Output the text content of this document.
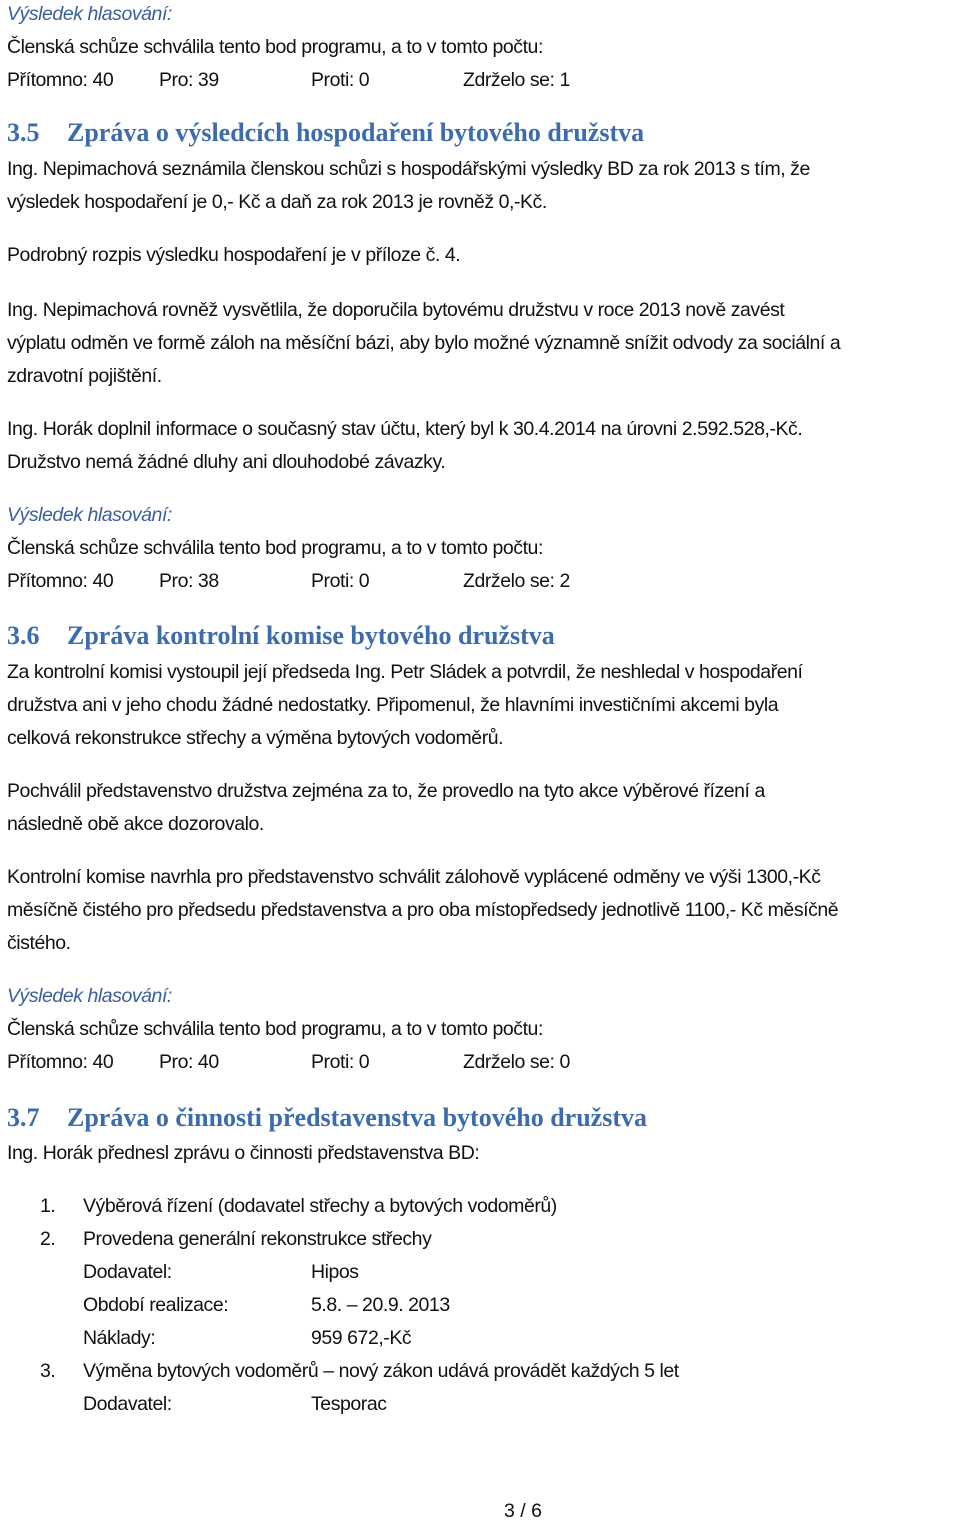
Výsledek hlasování:
Členská schůze schválila tento bod programu, a to v tomto počtu:
Přítomno: 40 Pro: 39	Proti: 0	Zdrželo se: 1
3.5 Zpráva o výsledcích hospodaření bytového družstva
Ing. Nepimachová seznámila členskou schůzi s hospodářskými výsledky BD za rok 2013 s tím, že
výsledek hospodaření je 0,- Kč a daň za rok 2013 je rovněž 0,-Kč.
Podrobný rozpis výsledku hospodaření je v příloze č. 4.
Ing. Nepimachová rovněž vysvětlila, že doporučila bytovému družstvu v roce 2013 nově zavést
výplatu odměn ve formě záloh na měsíční bázi, aby bylo možné významně snížit odvody za sociální a
zdravotní pojištění.
Ing. Horák doplnil informace o současný stav účtu, který byl k 30.4.2014 na úrovni 2.592.528,-Kč.
Družstvo nemá žádné dluhy ani dlouhodobé závazky.
Výsledek hlasování:
Členská schůze schválila tento bod programu, a to v tomto počtu:
Přítomno: 40 Pro: 38	Proti: 0	Zdrželo se: 2
3.6 Zpráva kontrolní komise bytového družstva
Za kontrolní komisi vystoupil její předseda Ing. Petr Sládek a potvrdil, že neshledal v hospodaření
družstva ani v jeho chodu žádné nedostatky. Připomenul, že hlavními investičními akcemi byla
celková rekonstrukce střechy a výměna bytových vodoměrů.
Pochválil představenstvo družstva zejména za to, že provedlo na tyto akce výběrové řízení a
následně obě akce dozorovalo.
Kontrolní komise navrhla pro představenstvo schválit zálohově vyplácené odměny ve výši 1300,-Kč
měsíčně čistého pro předsedu představenstva a pro oba místopředsedy jednotlivě 1100,- Kč měsíčně
čistého.
Výsledek hlasování:
Členská schůze schválila tento bod programu, a to v tomto počtu:
Přítomno: 40 Pro: 40	Proti: 0	Zdrželo se: 0
3.7 Zpráva o činnosti představenstva bytového družstva
Ing. Horák přednesl zprávu o činnosti představenstva BD:
1. Výběrová řízení (dodavatel střechy a bytových vodoměrů)
2. Provedena generální rekonstrukce střechy
Dodavatel:	Hipos
Období realizace:	5.8. – 20.9. 2013
Náklady:	959 672,-Kč
3. Výměna bytových vodoměrů – nový zákon udává provádět každých 5 let
Dodavatel:	Tesporac
3 / 6
